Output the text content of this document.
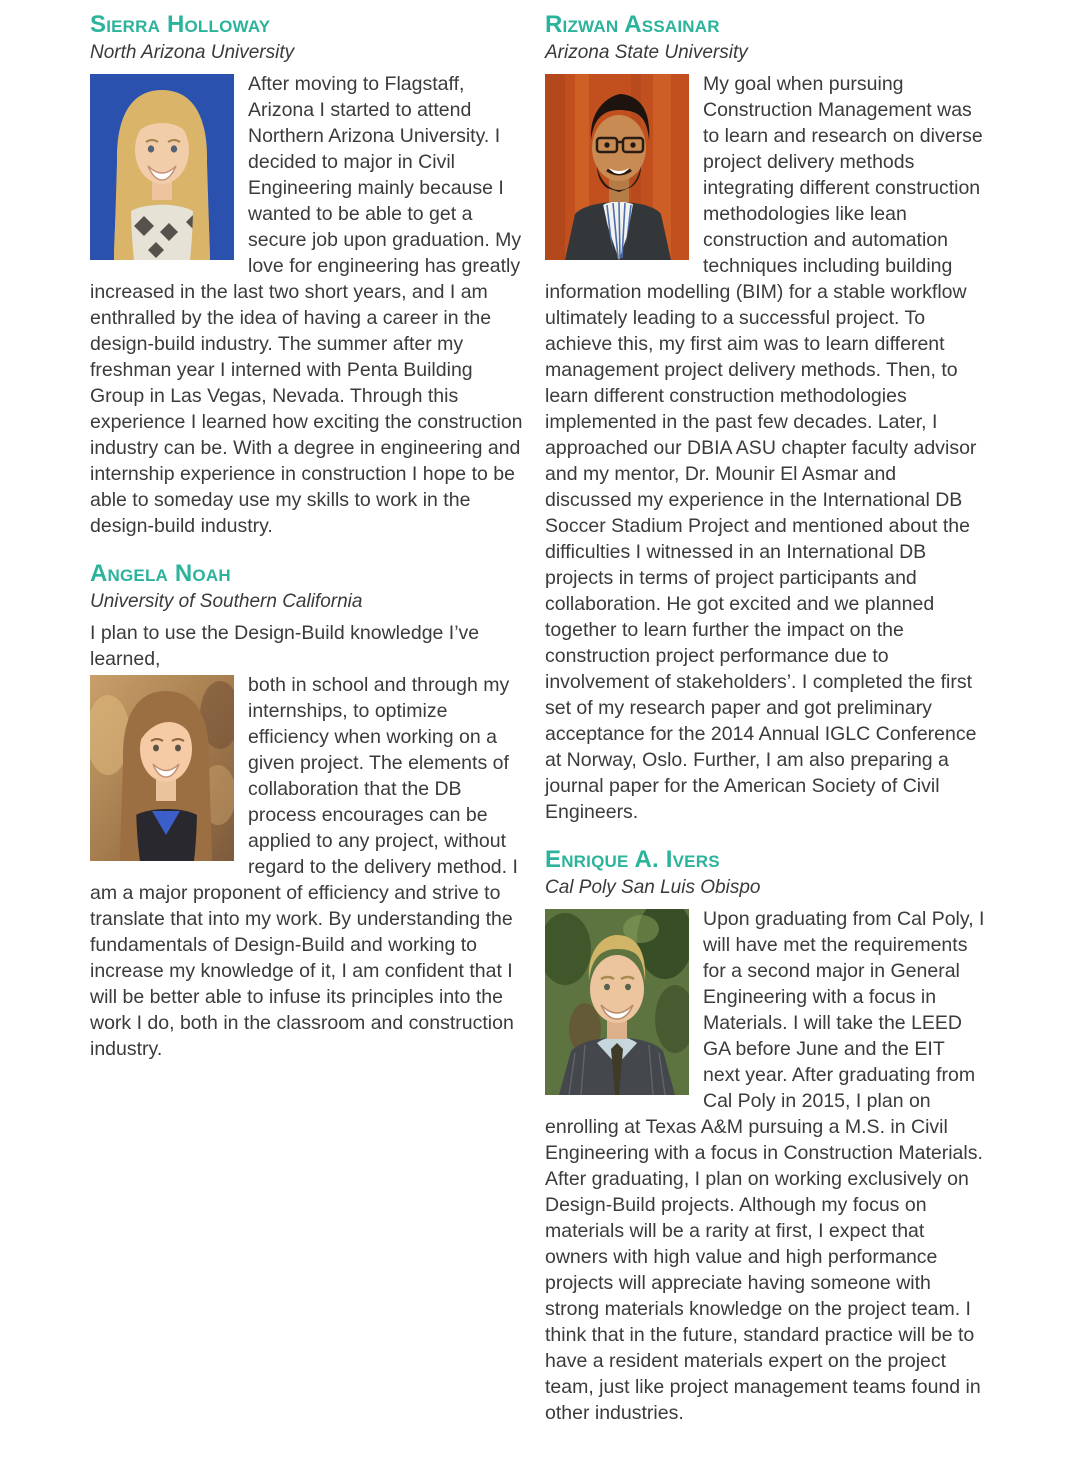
Sierra Holloway
North Arizona University

After moving to Flagstaff, Arizona I started to attend Northern Arizona University. I decided to major in Civil Engineering mainly because I wanted to be able to get a secure job upon graduation. My love for engineering has greatly increased in the last two short years, and I am enthralled by the idea of having a career in the design-build industry. The summer after my freshman year I interned with Penta Building Group in Las Vegas, Nevada. Through this experience I learned how exciting the construction industry can be. With a degree in engineering and internship experience in construction I hope to be able to someday use my skills to work in the design-build industry.

Angela Noah
University of Southern California

I plan to use the Design-Build knowledge I’ve learned,

both in school and through my internships, to optimize efficiency when working on a given project. The elements of collaboration that the DB process encourages can be applied to any project, without regard to the delivery method. I am a major proponent of efficiency and strive to translate that into my work. By understanding the fundamentals of Design-Build and working to increase my knowledge of it, I am confident that I will be better able to infuse its principles into the work I do, both in the classroom and construction industry.

Rizwan Assainar
Arizona State University

My goal when pursuing Construction Management was to learn and research on diverse project delivery methods integrating different construction methodologies like lean construction and automation techniques including building information modelling (BIM) for a stable workflow ultimately leading to a successful project. To achieve this, my first aim was to learn different management project delivery methods. Then, to learn different construction methodologies implemented in the past few decades. Later, I approached our DBIA ASU chapter faculty advisor and my mentor, Dr. Mounir El Asmar and discussed my experience in the International DB Soccer Stadium Project and mentioned about the difficulties I witnessed in an International DB projects in terms of project participants and collaboration. He got excited and we planned together to learn further the impact on the construction project performance due to involvement of stakeholders’. I completed the first set of my research paper and got preliminary acceptance for the 2014 Annual IGLC Conference at Norway, Oslo. Further, I am also preparing a journal paper for the American Society of Civil Engineers.

Enrique A. Ivers
Cal Poly San Luis Obispo

Upon graduating from Cal Poly, I will have met the requirements for a second major in General Engineering with a focus in Materials. I will take the LEED GA before June and the EIT next year. After graduating from Cal Poly in 2015, I plan on enrolling at Texas A&M pursuing a M.S. in Civil Engineering with a focus in Construction Materials. After graduating, I plan on working exclusively on Design-Build projects. Although my focus on materials will be a rarity at first, I expect that owners with high value and high performance projects will appreciate having someone with strong materials knowledge on the project team. I think that in the future, standard practice will be to have a resident materials expert on the project team, just like project management teams found in other industries.
